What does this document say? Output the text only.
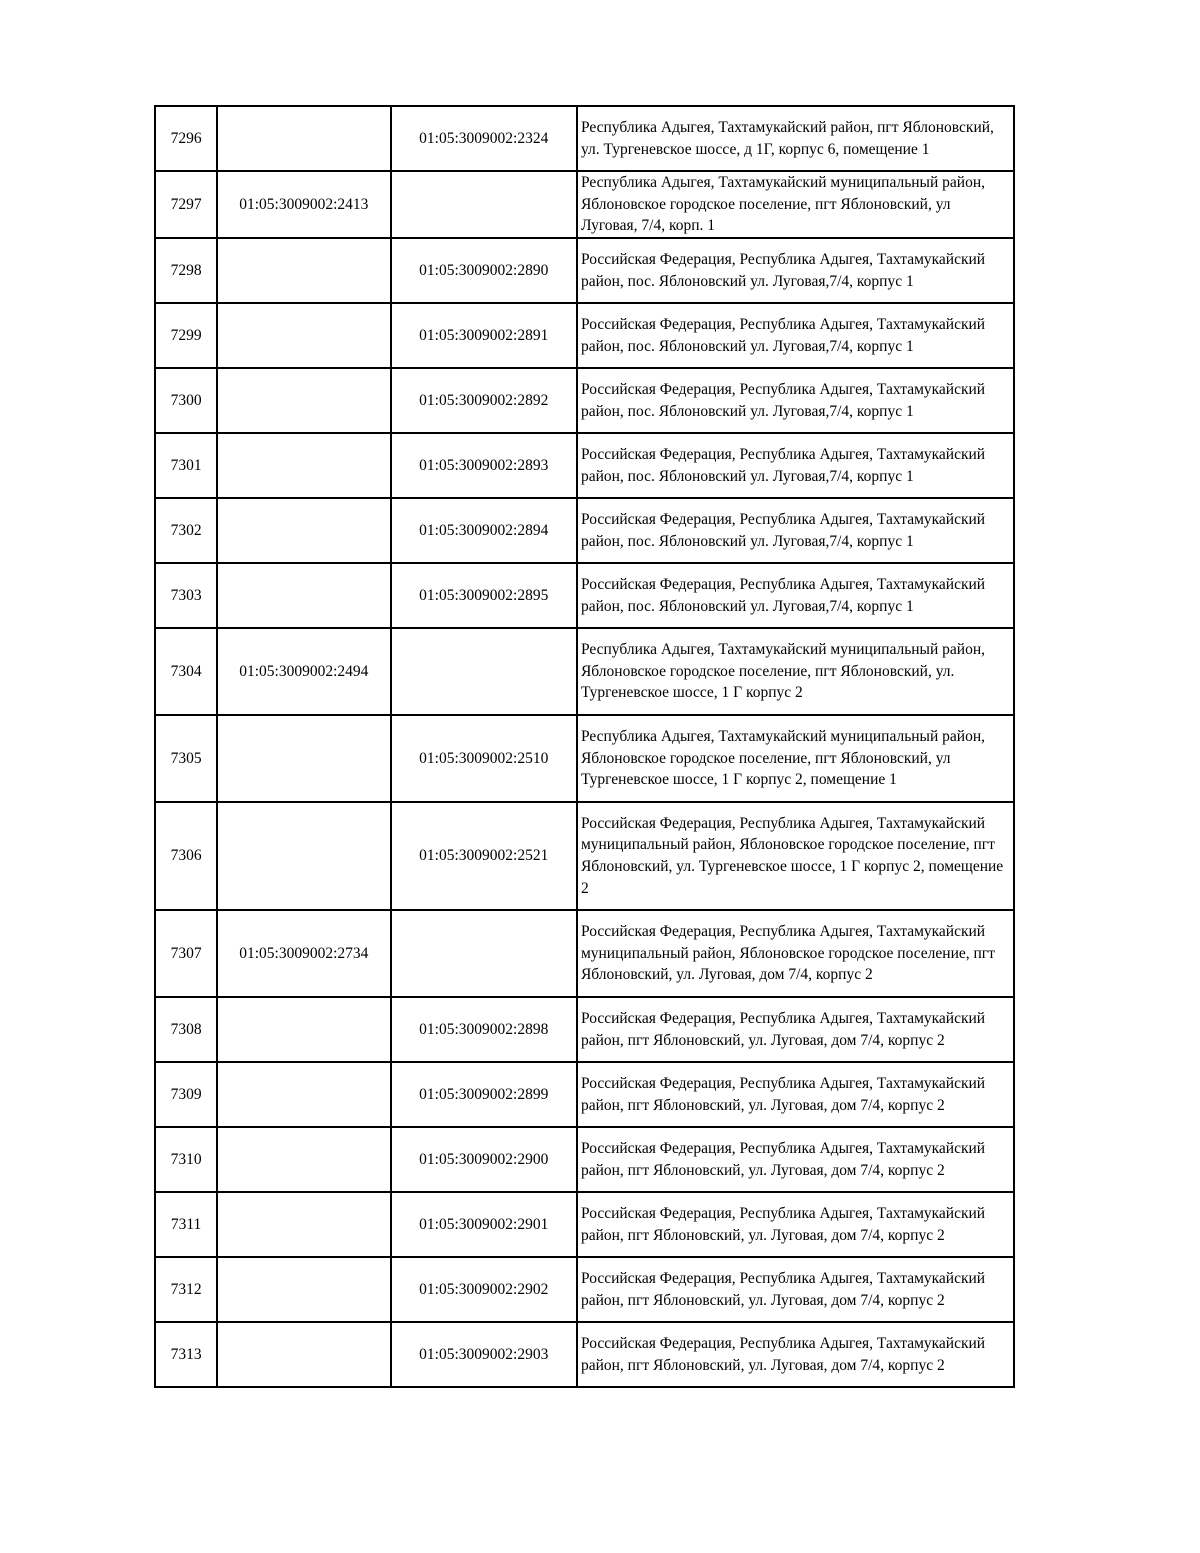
7296		01:05:3009002:2324	Республика Адыгея, Тахтамукайский район, пгт Яблоновский, ул. Тургеневское шоссе, д 1Г, корпус 6, помещение 1

7297	01:05:3009002:2413		Республика Адыгея, Тахтамукайский муниципальный район, Яблоновское городское поселение, пгт Яблоновский, ул Луговая, 7/4, корп. 1

7298		01:05:3009002:2890	Российская Федерация, Республика Адыгея, Тахтамукайский район, пос. Яблоновский ул. Луговая,7/4, корпус 1

7299		01:05:3009002:2891	Российская Федерация, Республика Адыгея, Тахтамукайский район, пос. Яблоновский ул. Луговая,7/4, корпус 1

7300		01:05:3009002:2892	Российская Федерация, Республика Адыгея, Тахтамукайский район, пос. Яблоновский ул. Луговая,7/4, корпус 1

7301		01:05:3009002:2893	Российская Федерация, Республика Адыгея, Тахтамукайский район, пос. Яблоновский ул. Луговая,7/4, корпус 1

7302		01:05:3009002:2894	Российская Федерация, Республика Адыгея, Тахтамукайский район, пос. Яблоновский ул. Луговая,7/4, корпус 1

7303		01:05:3009002:2895	Российская Федерация, Республика Адыгея, Тахтамукайский район, пос. Яблоновский ул. Луговая,7/4, корпус 1

7304	01:05:3009002:2494		Республика Адыгея, Тахтамукайский муниципальный район, Яблоновское городское поселение, пгт Яблоновский, ул. Тургеневское шоссе, 1 Г корпус 2

7305		01:05:3009002:2510	Республика Адыгея, Тахтамукайский муниципальный район, Яблоновское городское поселение, пгт Яблоновский, ул Тургеневское шоссе, 1 Г корпус 2, помещение 1

7306		01:05:3009002:2521	Российская Федерация, Республика Адыгея, Тахтамукайский муниципальный район, Яблоновское городское поселение, пгт Яблоновский, ул. Тургеневское шоссе, 1 Г корпус 2, помещение 2

7307	01:05:3009002:2734		Российская Федерация, Республика Адыгея, Тахтамукайский муниципальный район, Яблоновское городское поселение, пгт Яблоновский, ул. Луговая, дом 7/4, корпус 2

7308		01:05:3009002:2898	Российская Федерация, Республика Адыгея, Тахтамукайский район, пгт Яблоновский, ул. Луговая, дом 7/4, корпус 2

7309		01:05:3009002:2899	Российская Федерация, Республика Адыгея, Тахтамукайский район, пгт Яблоновский, ул. Луговая, дом 7/4, корпус 2

7310		01:05:3009002:2900	Российская Федерация, Республика Адыгея, Тахтамукайский район, пгт Яблоновский, ул. Луговая, дом 7/4, корпус 2

7311		01:05:3009002:2901	Российская Федерация, Республика Адыгея, Тахтамукайский район, пгт Яблоновский, ул. Луговая, дом 7/4, корпус 2

7312		01:05:3009002:2902	Российская Федерация, Республика Адыгея, Тахтамукайский район, пгт Яблоновский, ул. Луговая, дом 7/4, корпус 2

7313		01:05:3009002:2903	Российская Федерация, Республика Адыгея, Тахтамукайский район, пгт Яблоновский, ул. Луговая, дом 7/4, корпус 2
